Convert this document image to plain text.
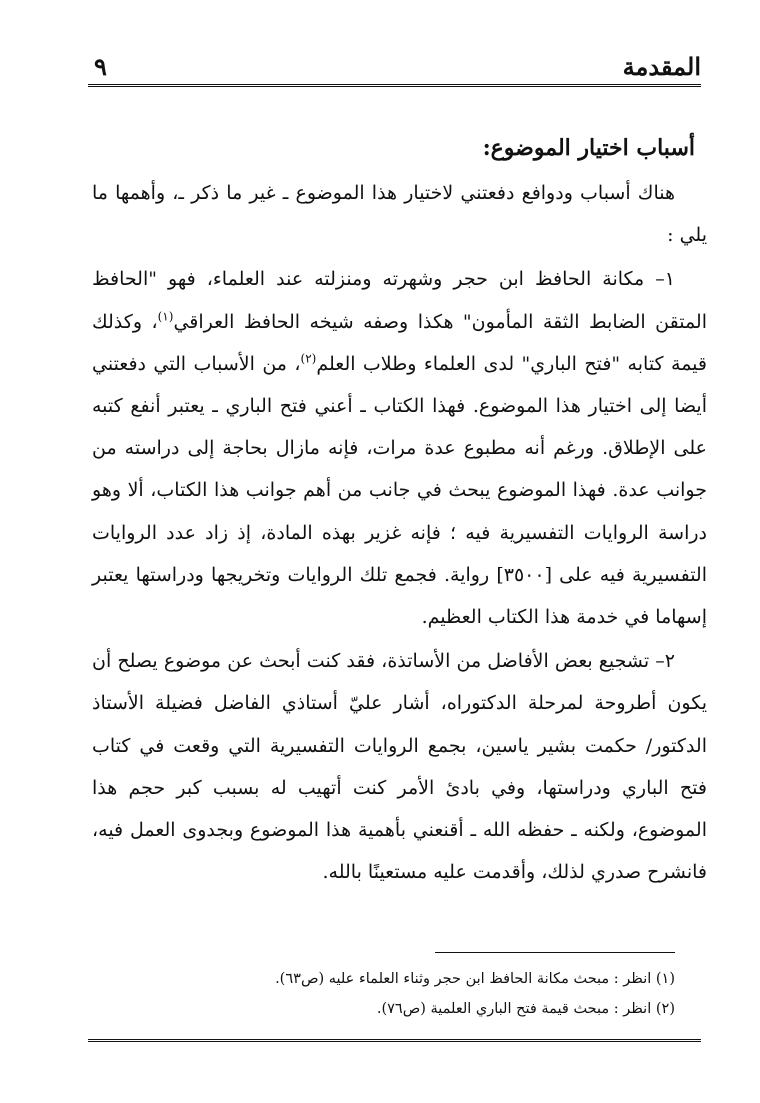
المقدمة
٩
أسباب اختيار الموضوع:

هناك أسباب ودوافع دفعتني لاختيار هذا الموضوع ـ غير ما ذكر ـ، وأهمها ما يلي :

١– مكانة الحافظ ابن حجر وشهرته ومنزلته عند العلماء، فهو "الحافظ المتقن الضابط الثقة المأمون" هكذا وصفه شيخه الحافظ العراقي$^{(١)}$، وكذلك قيمة كتابه "فتح الباري" لدى العلماء وطلاب العلم$^{(٢)}$، من الأسباب التي دفعتني أيضا إلى اختيار هذا الموضوع. فهذا الكتاب ـ أعني فتح الباري ـ يعتبر أنفع كتبه على الإطلاق. ورغم أنه مطبوع عدة مرات، فإنه مازال بحاجة إلى دراسته من جوانب عدة. فهذا الموضوع يبحث في جانب من أهم جوانب هذا الكتاب، ألا وهو دراسة الروايات التفسيرية فيه ؛ فإنه غزير بهذه المادة، إذ زاد عدد الروايات التفسيرية فيه على [٣٥٠٠] رواية. فجمع تلك الروايات وتخريجها ودراستها يعتبر إسهاما في خدمة هذا الكتاب العظيم.

٢– تشجيع بعض الأفاضل من الأساتذة، فقد كنت أبحث عن موضوع يصلح أن يكون أطروحة لمرحلة الدكتوراه، أشار عليّ أستاذي الفاضل فضيلة الأستاذ الدكتور/ حكمت بشير ياسين، بجمع الروايات التفسيرية التي وقعت في كتاب فتح الباري ودراستها، وفي بادئ الأمر كنت أتهيب له بسبب كبر حجم هذا الموضوع، ولكنه ـ حفظه الله ـ أقنعني بأهمية هذا الموضوع وبجدوى العمل فيه، فانشرح صدري لذلك، وأقدمت عليه مستعينًا بالله.

(١) انظر : مبحث مكانة الحافظ ابن حجر وثناء العلماء عليه (ص٦٣).
(٢) انظر : مبحث قيمة فتح الباري العلمية (ص٧٦).
